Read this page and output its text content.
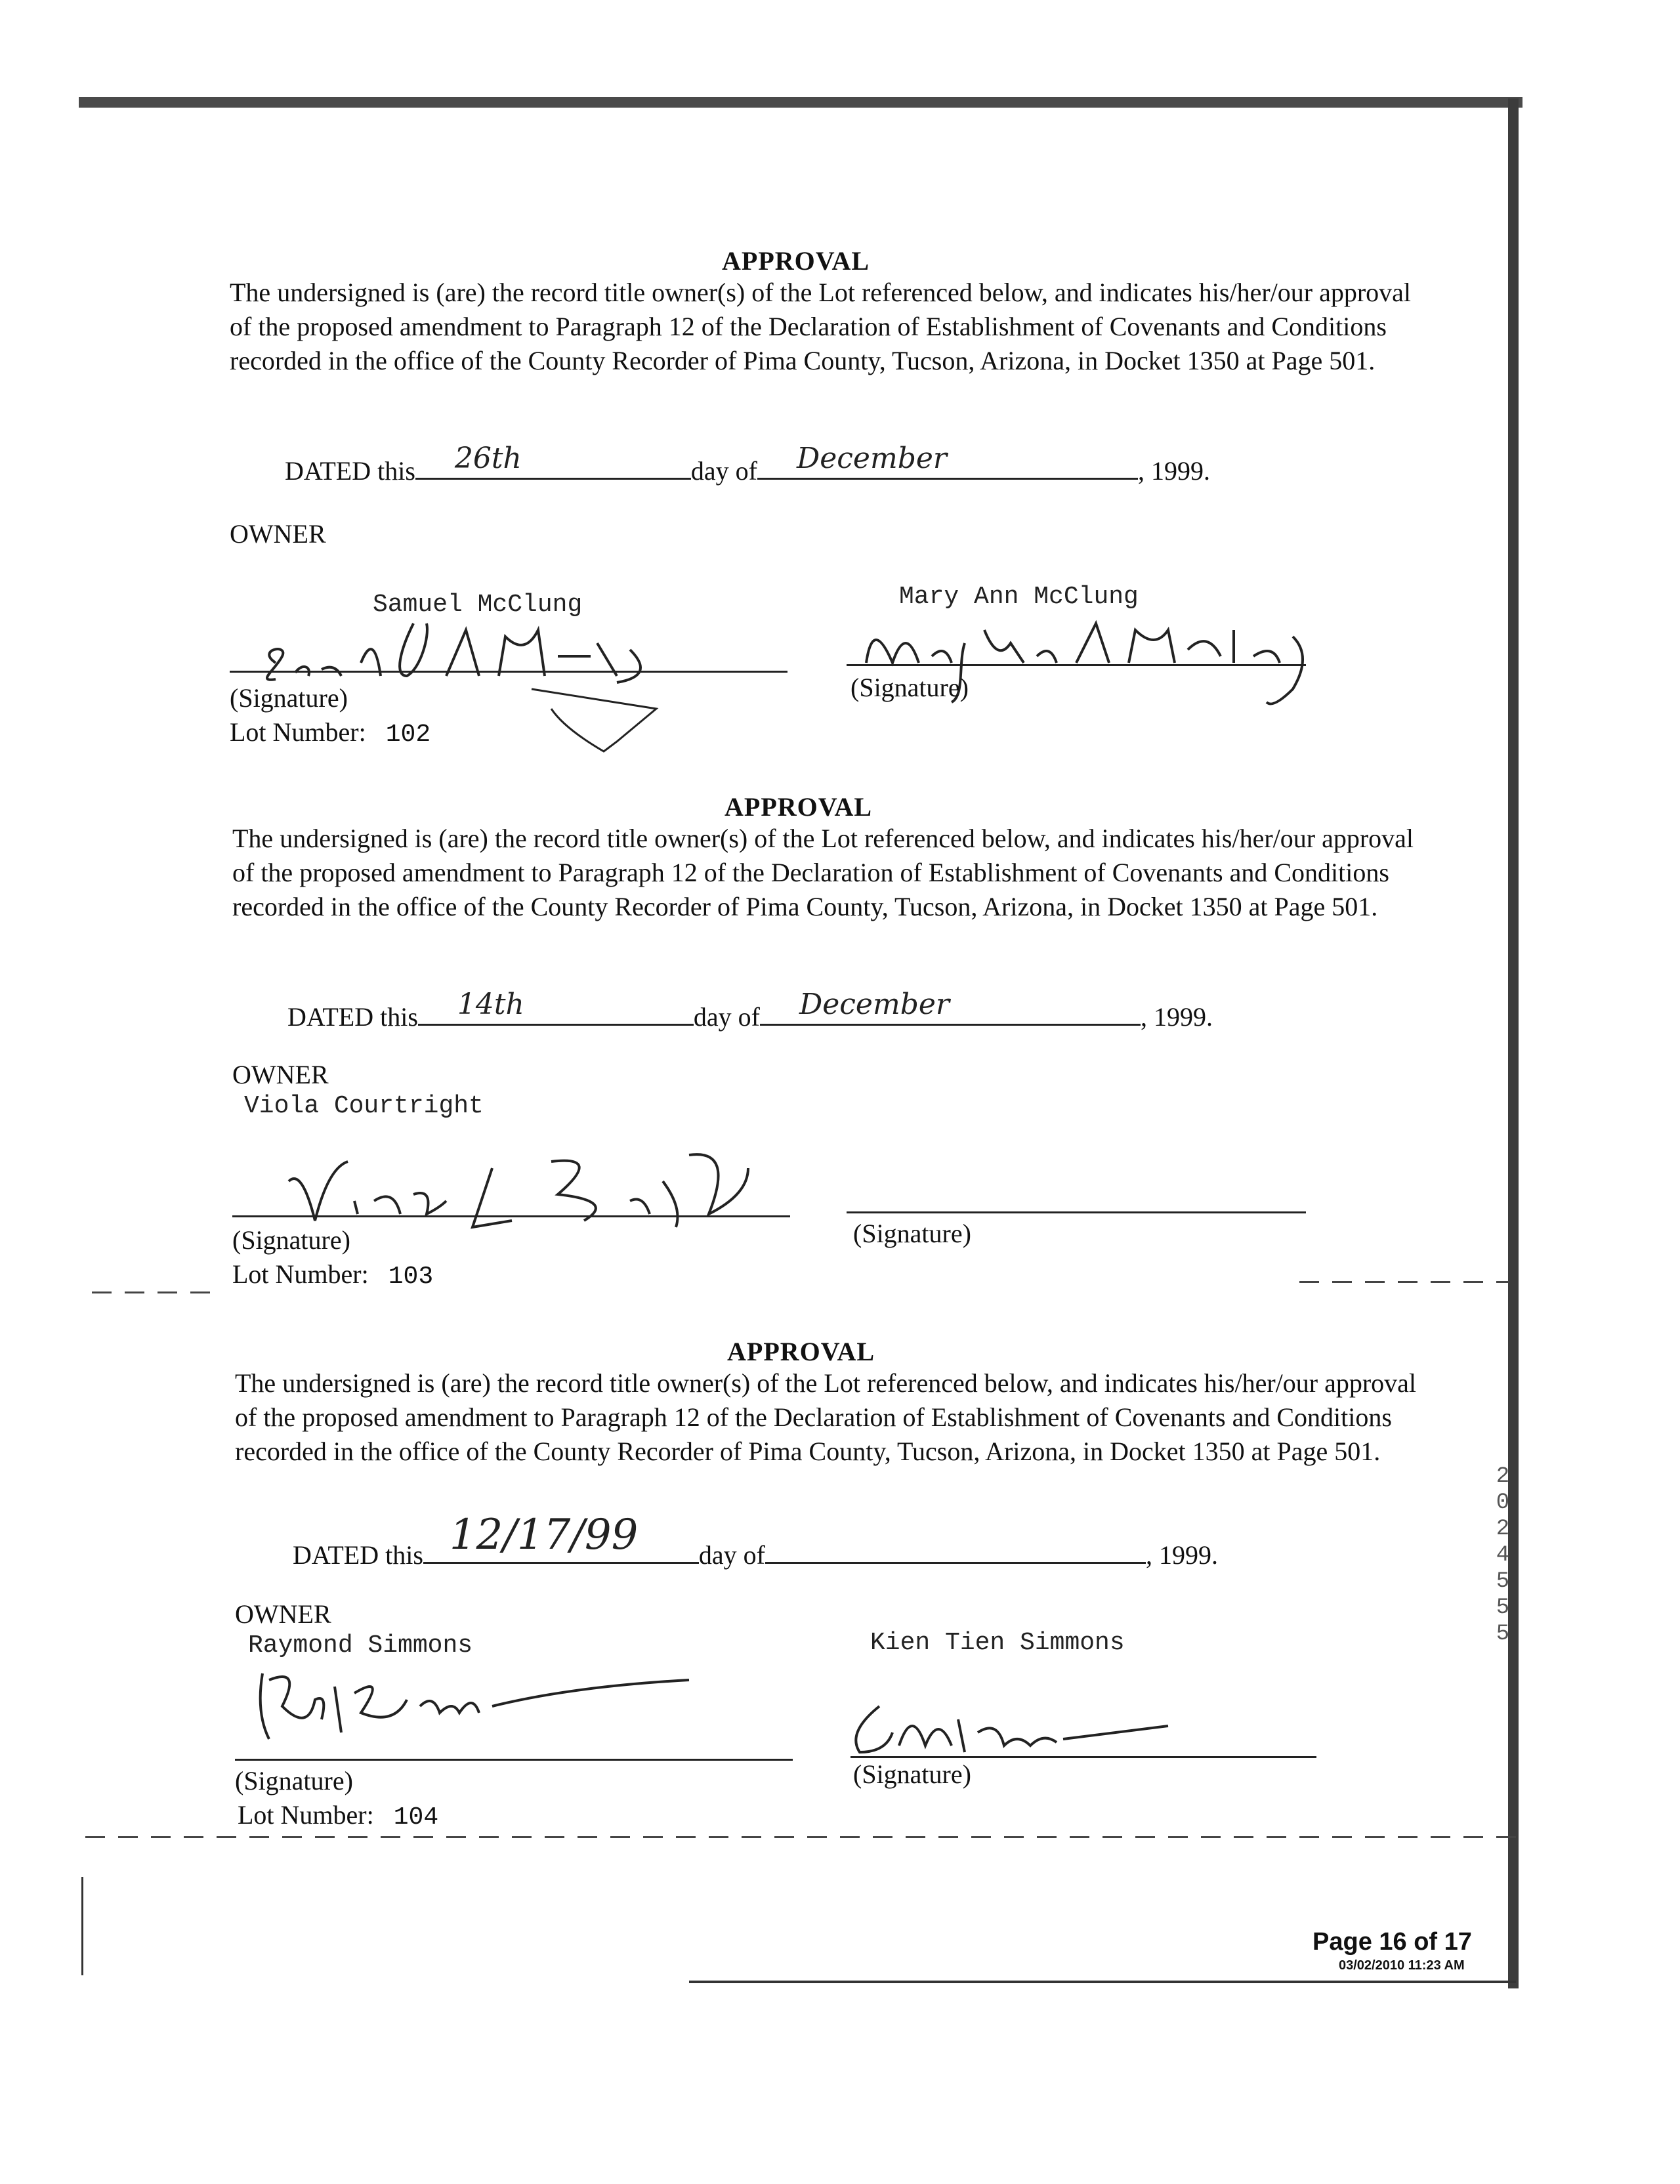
APPROVAL
The undersigned is (are) the record title owner(s) of the Lot referenced below, and indicates his/her/our approval of the proposed amendment to Paragraph 12 of the Declaration of Establishment of Covenants and Conditions recorded in the office of the County Recorder of Pima County, Tucson, Arizona, in Docket 1350 at Page 501.
DATED this 26th	day of December	, 1999.
OWNER
Samuel McClung	Mary Ann McClung
Samuel A McClung
Mary Ann McClung
(Signature)	(Signature)
Lot Number: 102
APPROVAL
The undersigned is (are) the record title owner(s) of the Lot referenced below, and indicates his/her/our approval of the proposed amendment to Paragraph 12 of the Declaration of Establishment of Covenants and Conditions recorded in the office of the County Recorder of Pima County, Tucson, Arizona, in Docket 1350 at Page 501.
DATED this 14th	day of December	, 1999.
OWNER
Viola Courtright
Viola L Courtright
(Signature)	(Signature)
Lot Number: 103
APPROVAL
The undersigned is (are) the record title owner(s) of the Lot referenced below, and indicates his/her/our approval of the proposed amendment to Paragraph 12 of the Declaration of Establishment of Covenants and Conditions recorded in the office of the County Recorder of Pima County, Tucson, Arizona, in Docket 1350 at Page 501.
DATED this 12/17/99 day of	, 1999.
OWNER
Raymond Simmons	Kien Tien Simmons
Ray Simmons
K Simmons
(Signature)	(Signature)
Lot Number: 104
2
0
2
4
5
5
5
Page 16 of 17
03/02/2010 11:23 AM
